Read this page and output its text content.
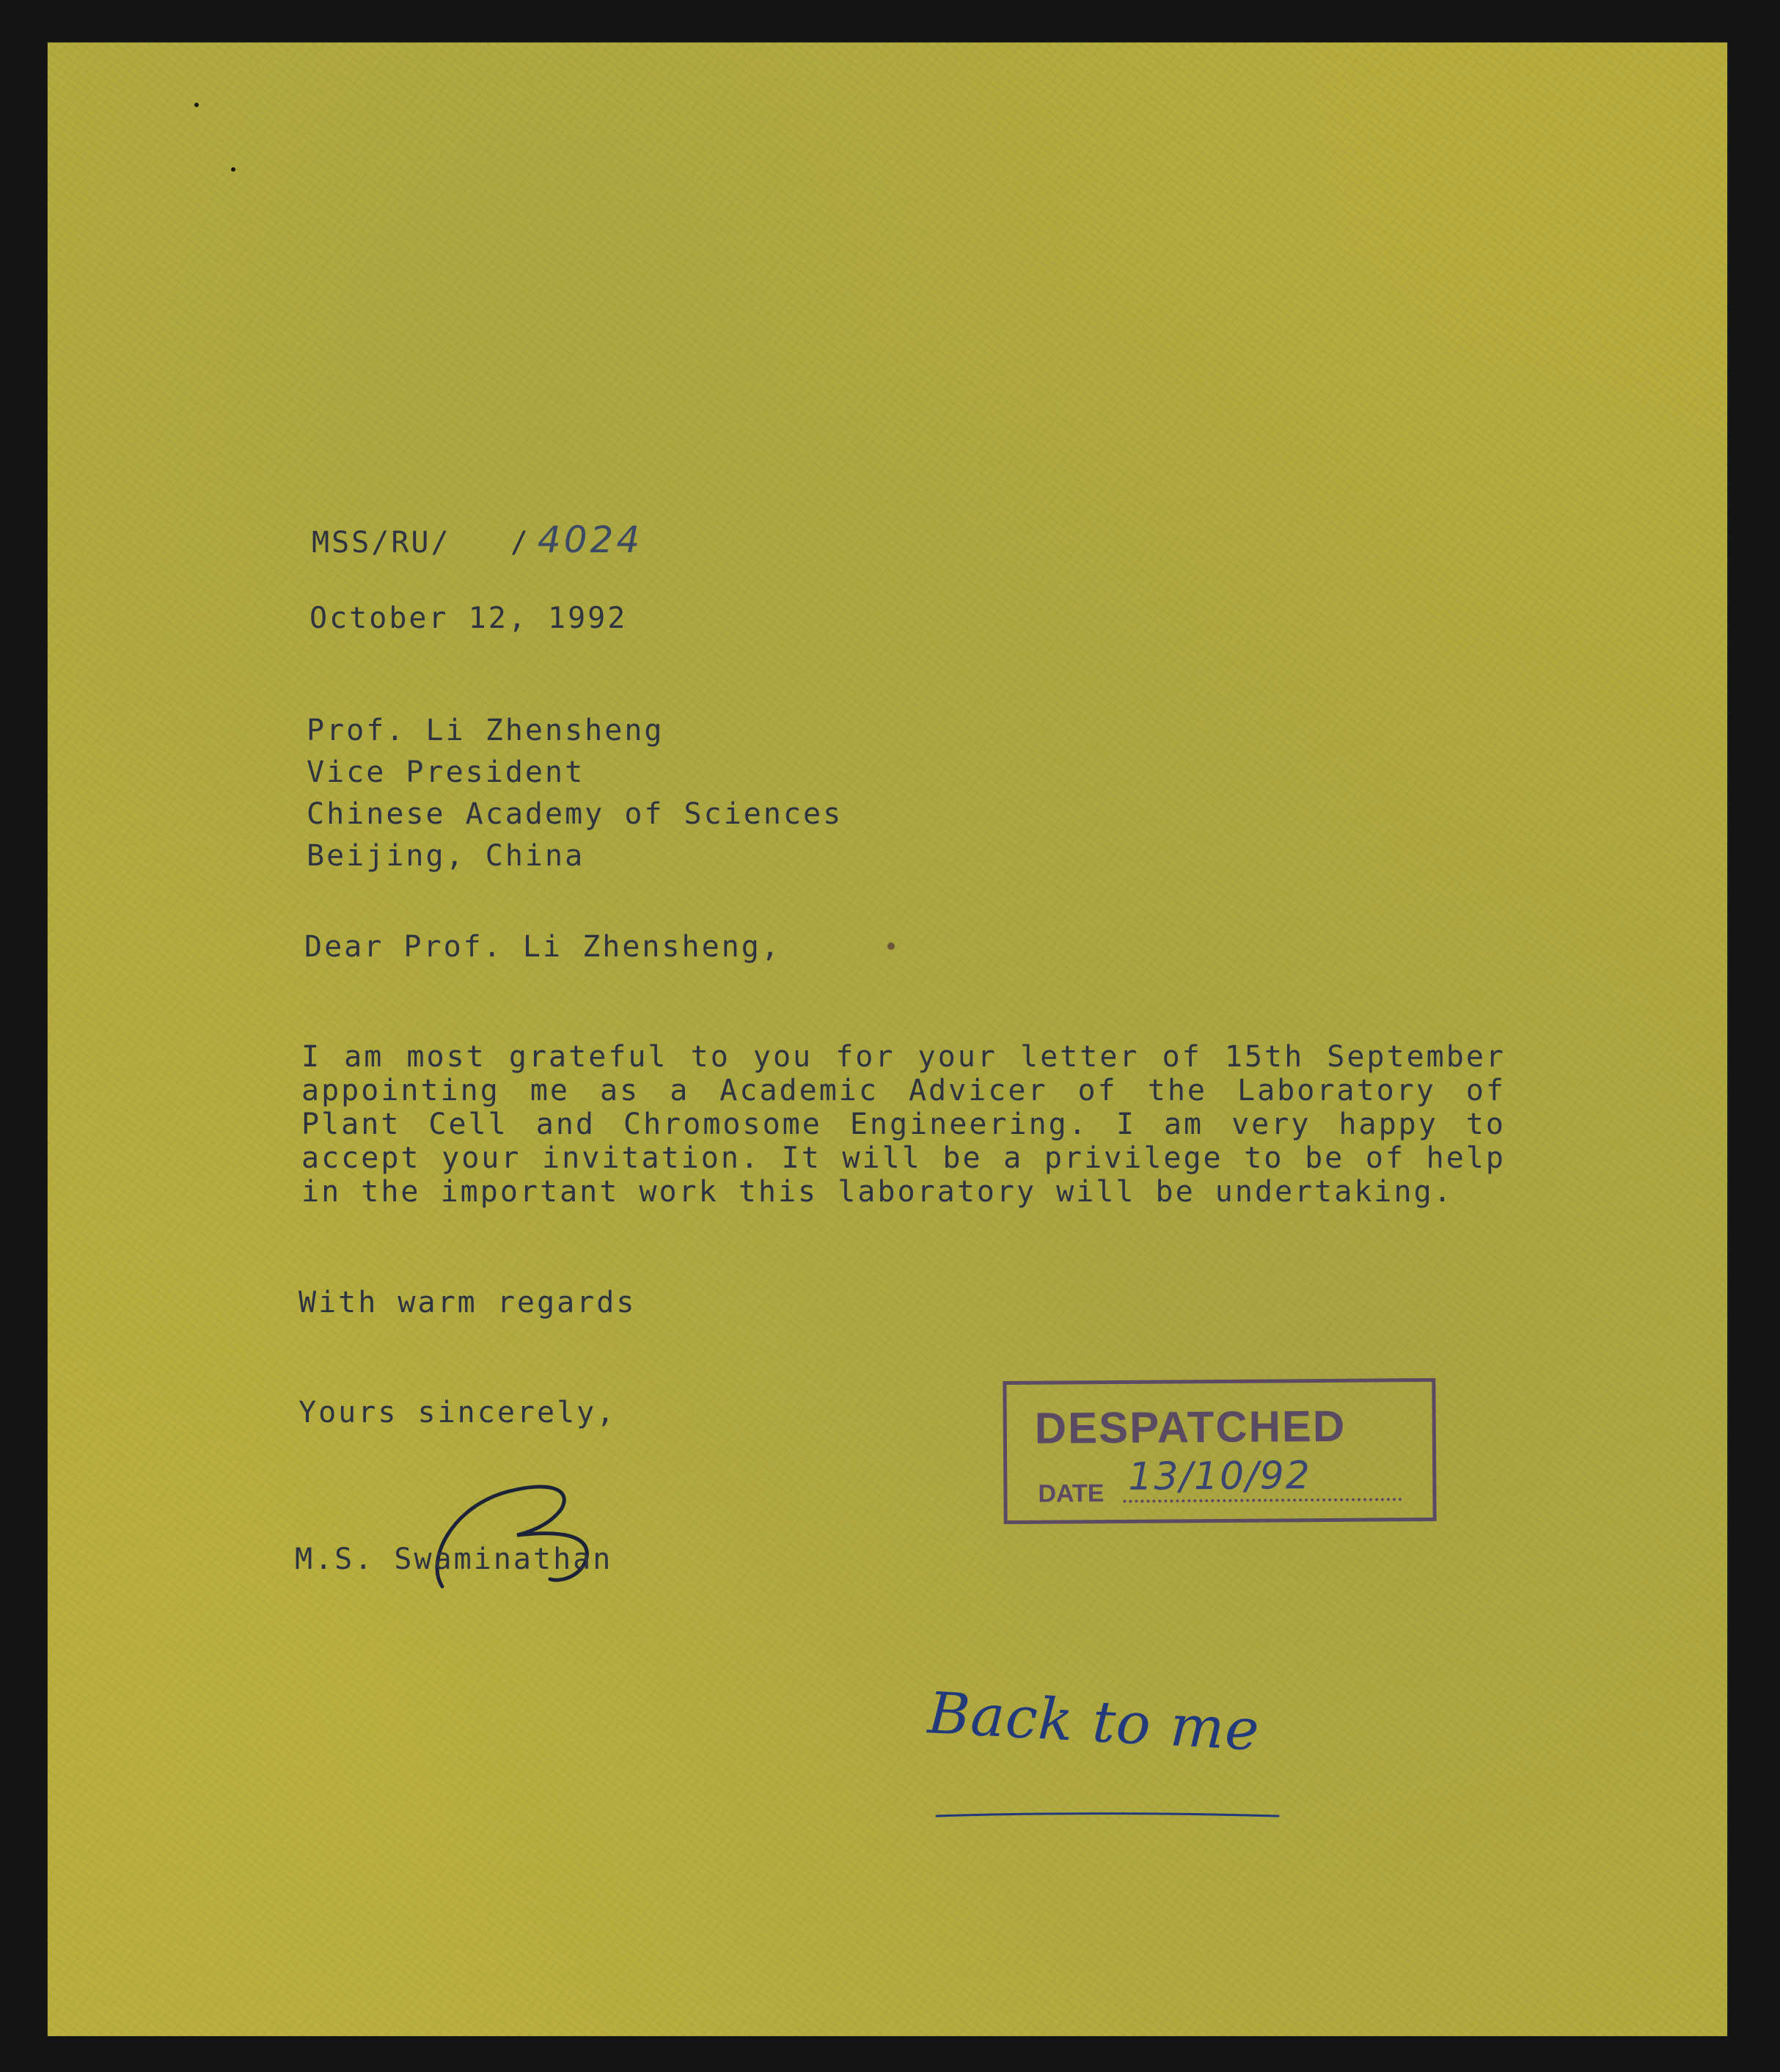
MSS/RU/   / 4024
October 12, 1992
Prof. Li Zhensheng
Vice President
Chinese Academy of Sciences
Beijing, China
Dear Prof. Li Zhensheng,

I am most grateful to you for your letter of 15th September appointing me as a Academic Advicer of the Laboratory of Plant Cell and Chromosome Engineering. I am very happy to accept your invitation. It will be a privilege to be of help in the important work this laboratory will be undertaking.

With warm regards
Yours sincerely,
M.S. Swaminathan
DESPATCHED
DATE 13/10/92
Back to me
